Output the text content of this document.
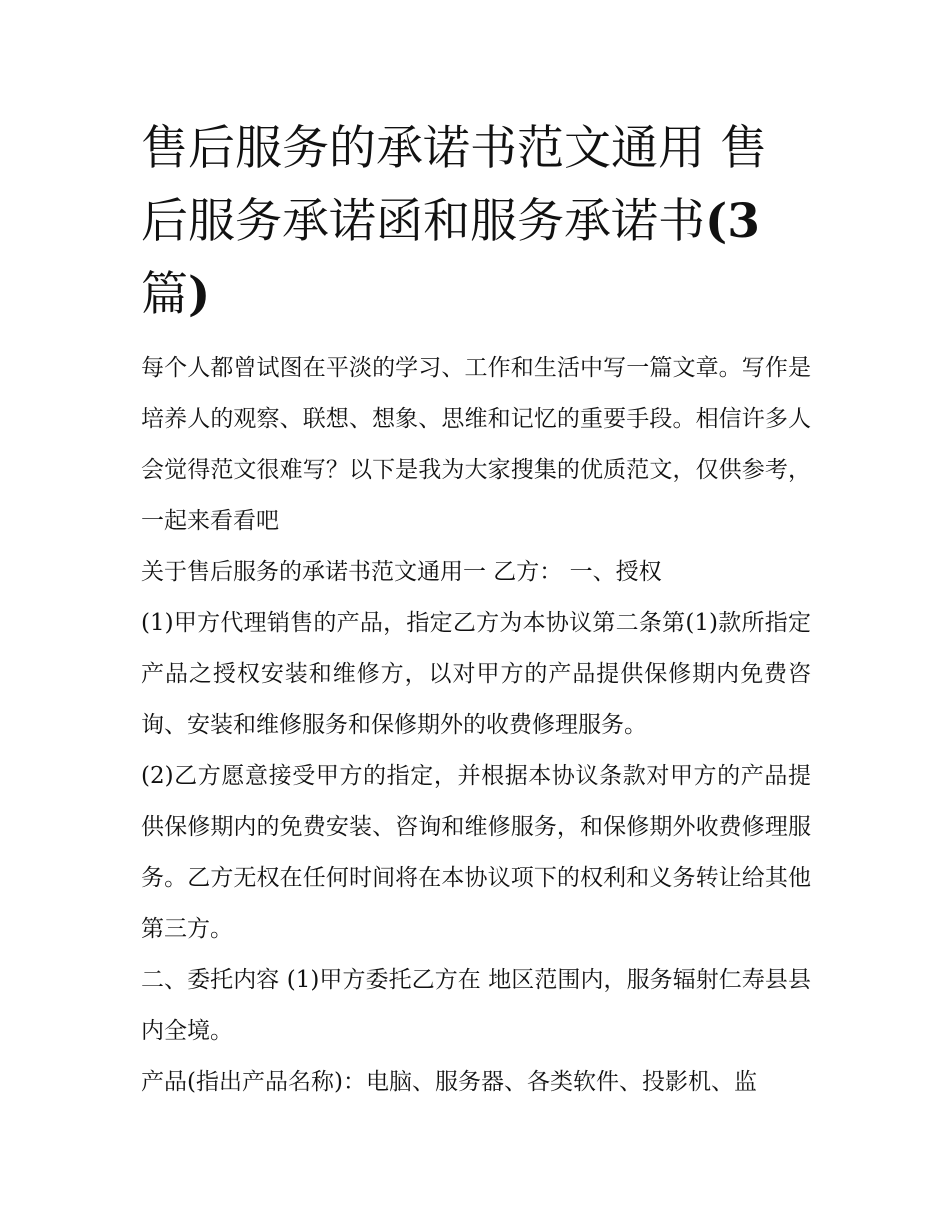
售后服务的承诺书范文通用 售后服务承诺函和服务承诺书(3篇)

每个人都曾试图在平淡的学习、工作和生活中写一篇文章。写作是培养人的观察、联想、想象、思维和记忆的重要手段。相信许多人会觉得范文很难写？以下是我为大家搜集的优质范文，仅供参考，一起来看看吧

关于售后服务的承诺书范文通用一 乙方： 一、授权

(1)甲方代理销售的产品，指定乙方为本协议第二条第(1)款所指定产品之授权安装和维修方，以对甲方的产品提供保修期内免费咨询、安装和维修服务和保修期外的收费修理服务。

(2)乙方愿意接受甲方的指定，并根据本协议条款对甲方的产品提供保修期内的免费安装、咨询和维修服务，和保修期外收费修理服务。乙方无权在任何时间将在本协议项下的权利和义务转让给其他第三方。

二、委托内容 (1)甲方委托乙方在 地区范围内，服务辐射仁寿县县内全境。

产品(指出产品名称)：电脑、服务器、各类软件、投影机、监
